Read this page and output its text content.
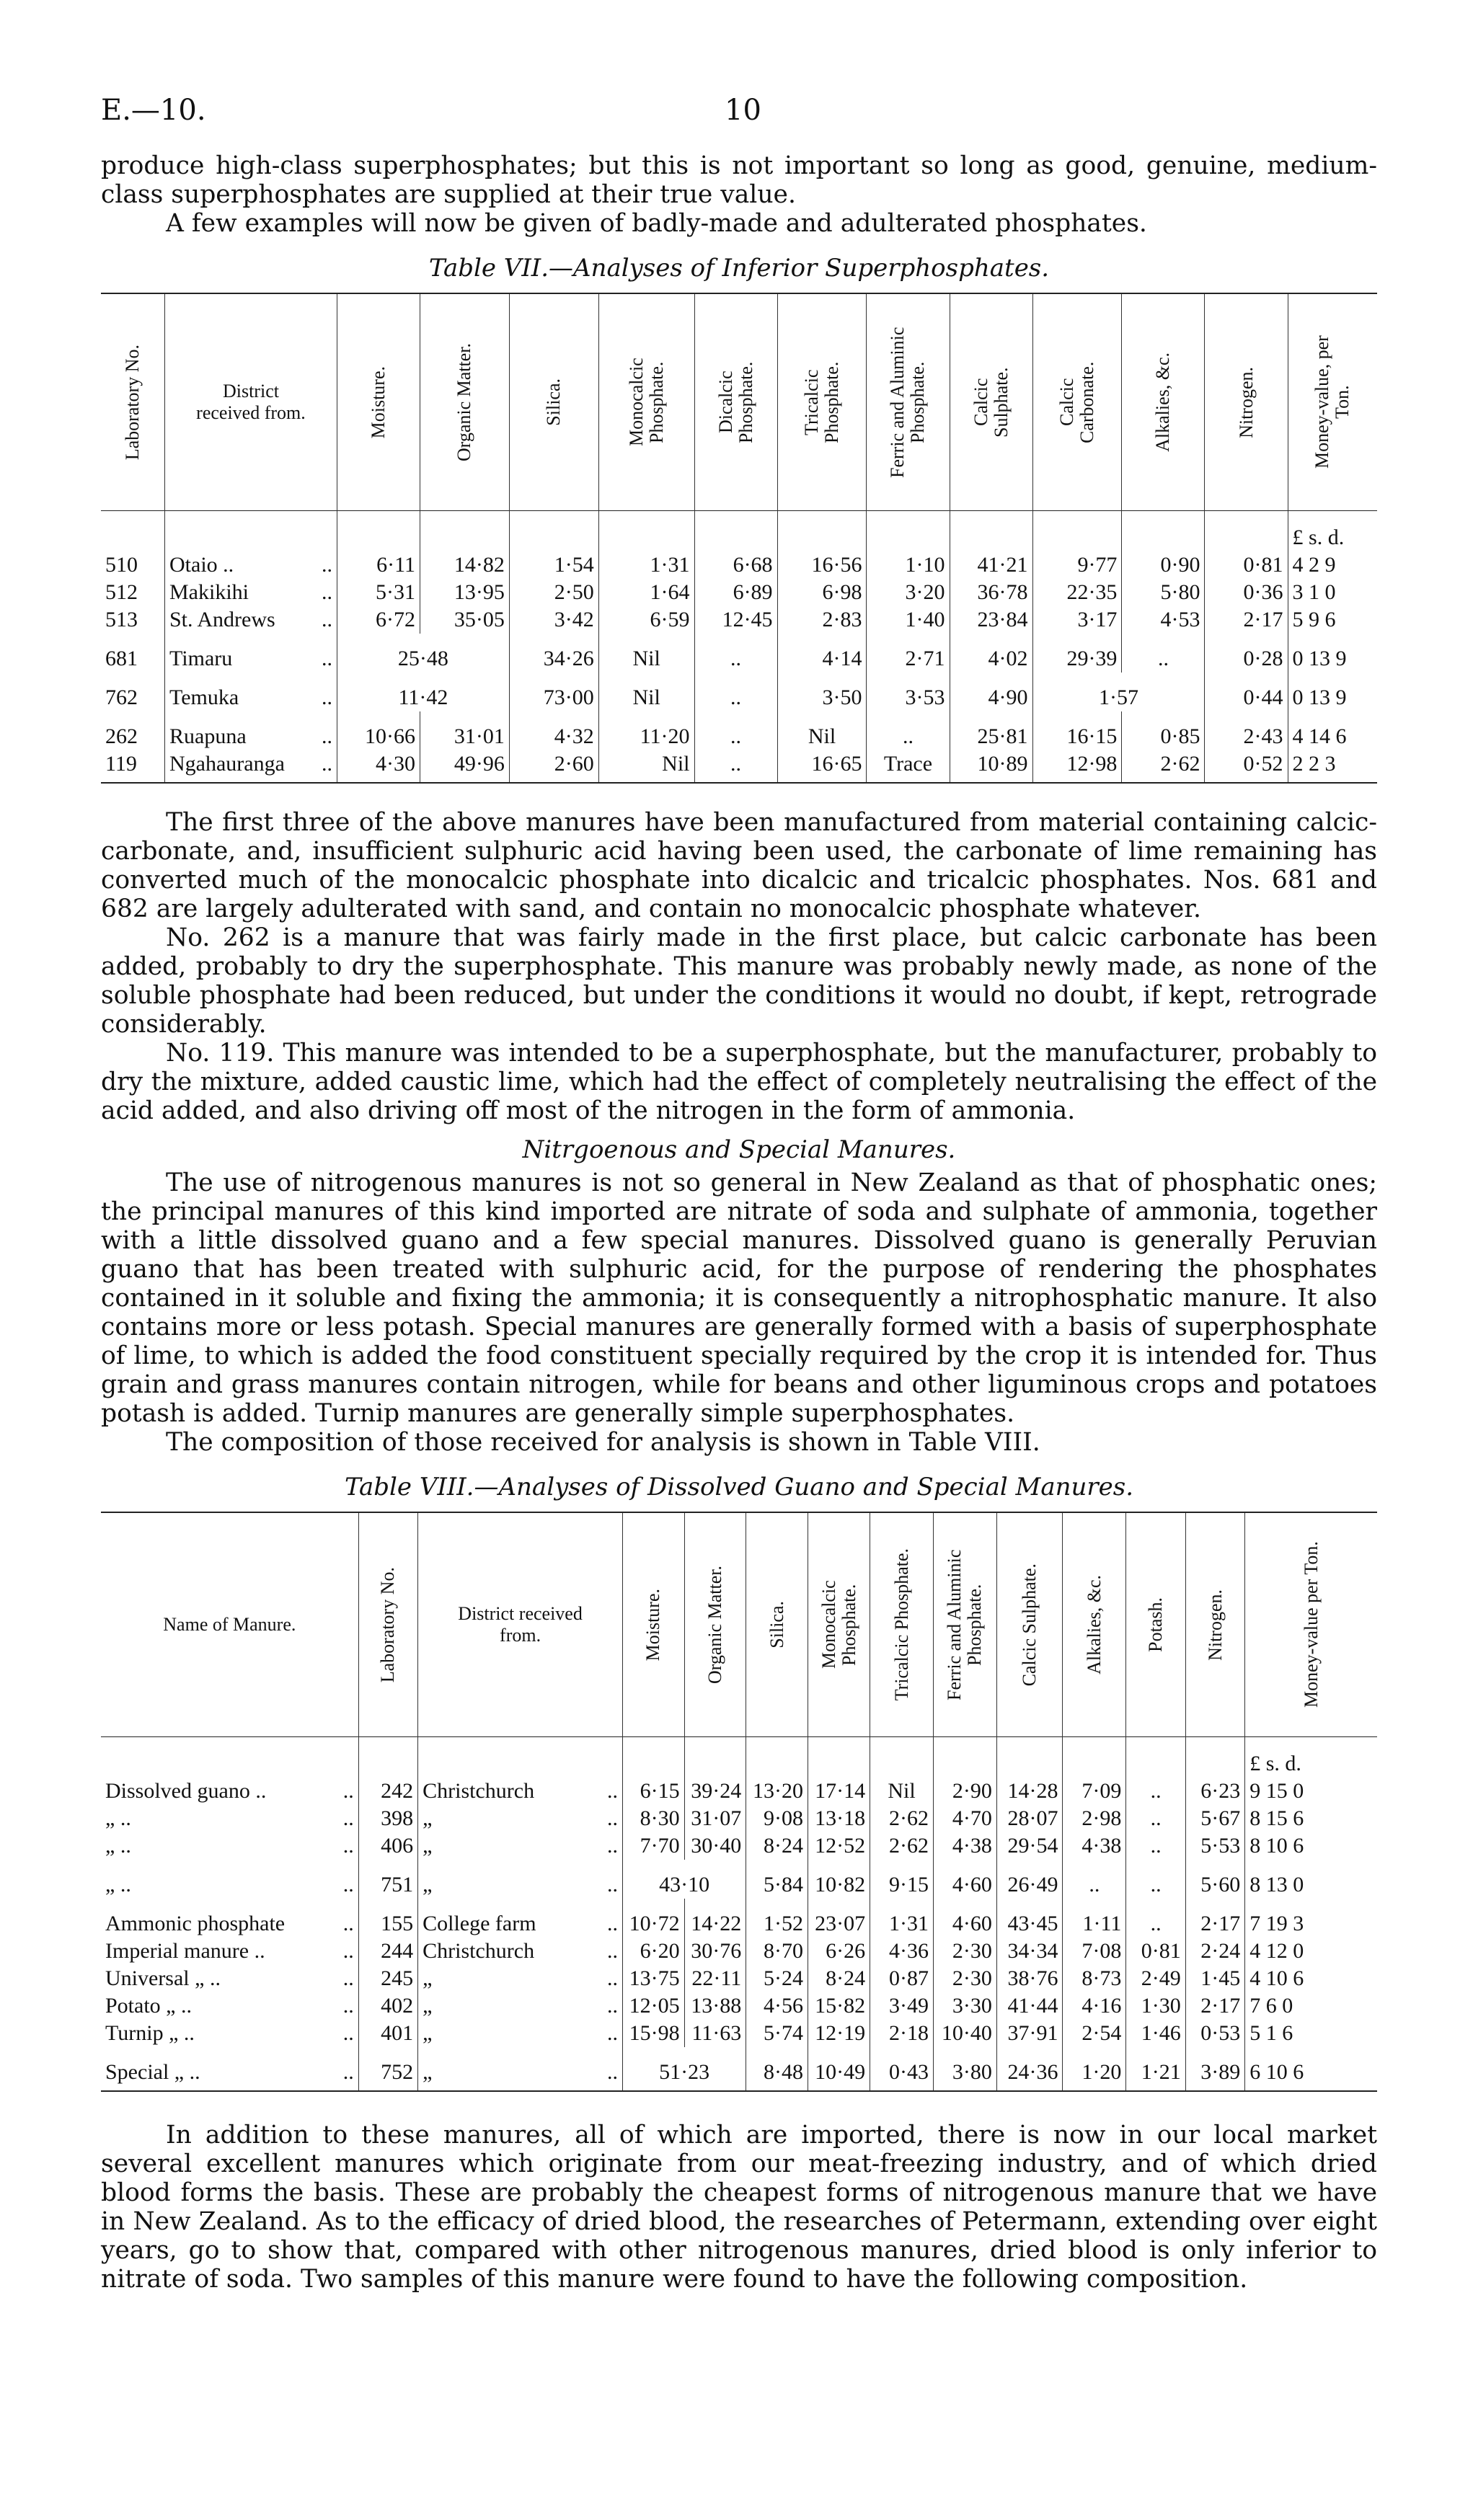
E.—10.	10

produce high-class superphosphates; but this is not important so long as good, genuine, medium-class superphosphates are supplied at their true value.

A few examples will now be given of badly-made and adulterated phosphates.

Table VII.—Analyses of Inferior Superphosphates.
Laboratory No.	District received from.	Moisture.	Organic Matter.	Silica.	Monocalcic Phosphate.	Dicalcic Phosphate.	Tricalcic Phosphate.	Ferric and Aluminic Phosphate.	Calcic Sulphate.	Calcic Carbonate.	Alkalies, &c.	Nitrogen.	Money-value, per Ton.

													£ s. d.
510	Otaio .. ..	6·11	14·82	1·54	1·31	6·68	16·56	1·10	41·21	9·77	0·90	0·81	4 2 9
512	Makikihi ..	5·31	13·95	2·50	1·64	6·89	6·98	3·20	36·78	22·35	5·80	0·36	3 1 0
513	St. Andrews ..	6·72	35·05	3·42	6·59	12·45	2·83	1·40	23·84	3·17	4·53	2·17	5 9 6
681	Timaru ..	25·48		34·26	Nil	..	4·14	2·71	4·02	29·39	..	0·28	0 13 9
762	Temuka ..	11·42		73·00	Nil	..	3·50	3·53	4·90	1·57		0·44	0 13 9
262	Ruapuna ..	10·66	31·01	4·32	11·20	..	Nil	..	25·81	16·15	0·85	2·43	4 14 6
119	Ngahauranga ..	4·30	49·96	2·60	Nil	..	16·65	Trace	10·89	12·98	2·62	0·52	2 2 3

The first three of the above manures have been manufactured from material containing calcic-carbonate, and, insufficient sulphuric acid having been used, the carbonate of lime remaining has converted much of the monocalcic phosphate into dicalcic and tricalcic phosphates. Nos. 681 and 682 are largely adulterated with sand, and contain no monocalcic phosphate whatever.

No. 262 is a manure that was fairly made in the first place, but calcic carbonate has been added, probably to dry the superphosphate. This manure was probably newly made, as none of the soluble phosphate had been reduced, but under the conditions it would no doubt, if kept, retrograde considerably.

No. 119. This manure was intended to be a superphosphate, but the manufacturer, probably to dry the mixture, added caustic lime, which had the effect of completely neutralising the effect of the acid added, and also driving off most of the nitrogen in the form of ammonia.

Nitrgoenous and Special Manures.

The use of nitrogenous manures is not so general in New Zealand as that of phosphatic ones; the principal manures of this kind imported are nitrate of soda and sulphate of ammonia, together with a little dissolved guano and a few special manures. Dissolved guano is generally Peruvian guano that has been treated with sulphuric acid, for the purpose of rendering the phosphates contained in it soluble and fixing the ammonia; it is consequently a nitrophosphatic manure. It also contains more or less potash. Special manures are generally formed with a basis of superphosphate of lime, to which is added the food constituent specially required by the crop it is intended for. Thus grain and grass manures contain nitrogen, while for beans and other liguminous crops and potatoes potash is added. Turnip manures are generally simple superphosphates.

The composition of those received for analysis is shown in Table VIII.

Table VIII.—Analyses of Dissolved Guano and Special Manures.
Name of Manure.	Laboratory No.	District received from.	Moisture.	Organic Matter.	Silica.	Monocalcic Phosphate.	Tricalcic Phosphate.	Ferric and Aluminic Phosphate.	Calcic Sulphate.	Alkalies, &c.	Potash.	Nitrogen.	Money-value per Ton.

													£ s. d.
Dissolved guano .. ..	242	Christchurch ..	6·15	39·24	13·20	17·14	Nil	2·90	14·28	7·09	..	6·23	9 15 0
„ .. ..	398	„ ..	8·30	31·07	9·08	13·18	2·62	4·70	28·07	2·98	..	5·67	8 15 6
„ .. ..	406	„ ..	7·70	30·40	8·24	12·52	2·62	4·38	29·54	4·38	..	5·53	8 10 6
„ .. ..	751	„ ..	43·10		5·84	10·82	9·15	4·60	26·49	..	..	5·60	8 13 0
Ammonic phosphate ..	155	College farm ..	10·72	14·22	1·52	23·07	1·31	4·60	43·45	1·11	..	2·17	7 19 3
Imperial manure .. ..	244	Christchurch ..	6·20	30·76	8·70	6·26	4·36	2·30	34·34	7·08	0·81	2·24	4 12 0
Universal „ .. ..	245	„ ..	13·75	22·11	5·24	8·24	0·87	2·30	38·76	8·73	2·49	1·45	4 10 6
Potato „ .. ..	402	„ ..	12·05	13·88	4·56	15·82	3·49	3·30	41·44	4·16	1·30	2·17	7 6 0
Turnip „ .. ..	401	„ ..	15·98	11·63	5·74	12·19	2·18	10·40	37·91	2·54	1·46	0·53	5 1 6
Special „ .. ..	752	„ ..	51·23		8·48	10·49	0·43	3·80	24·36	1·20	1·21	3·89	6 10 6

In addition to these manures, all of which are imported, there is now in our local market several excellent manures which originate from our meat-freezing industry, and of which dried blood forms the basis. These are probably the cheapest forms of nitrogenous manure that we have in New Zealand. As to the efficacy of dried blood, the researches of Petermann, extending over eight years, go to show that, compared with other nitrogenous manures, dried blood is only inferior to nitrate of soda. Two samples of this manure were found to have the following composition.
